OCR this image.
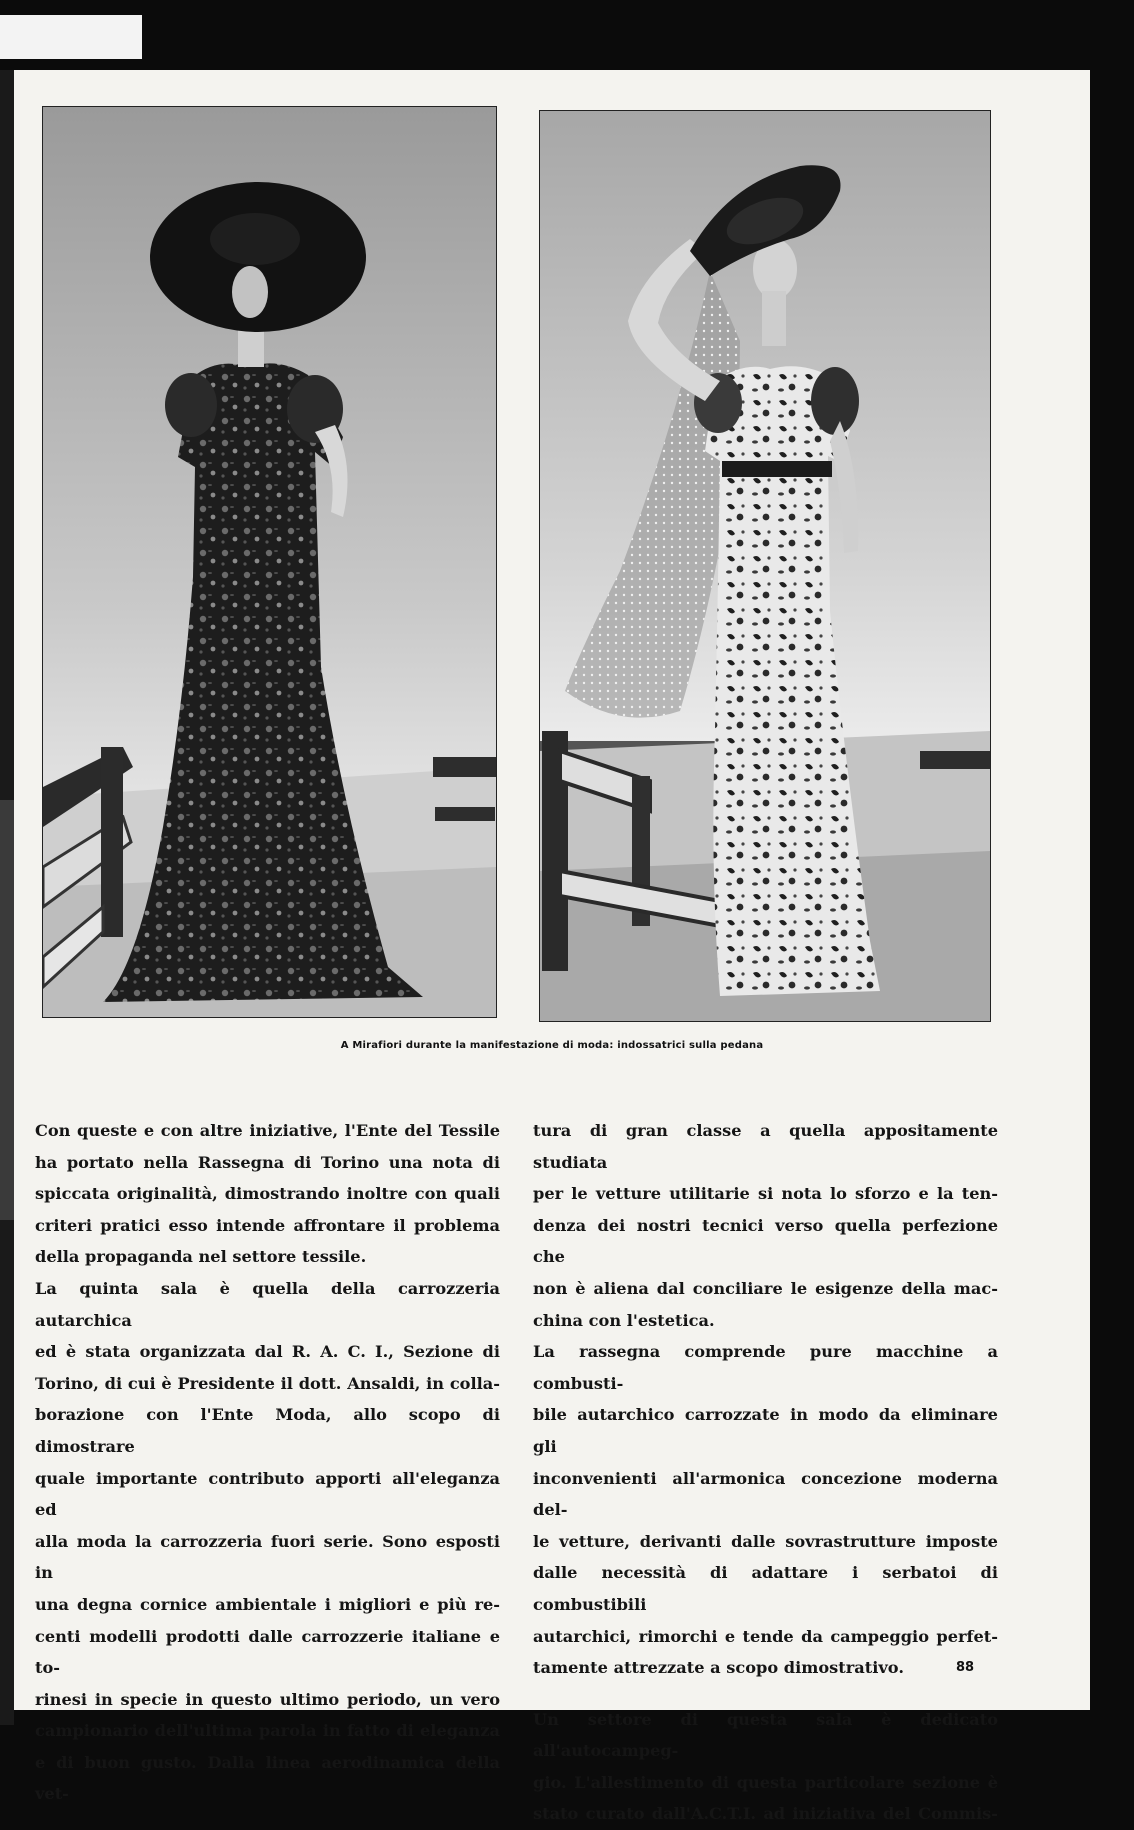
A Mirafiori durante la manifestazione di moda: indossatrici sulla pedana

Con queste e con altre iniziative, l'Ente del Tessile

ha portato nella Rassegna di Torino una nota di

spiccata originalità, dimostrando inoltre con quali

criteri pratici esso intende affrontare il problema

della propaganda nel settore tessile.

La quinta sala è quella della carrozzeria autarchica

ed è stata organizzata dal R. A. C. I., Sezione di

Torino, di cui è Presidente il dott. Ansaldi, in colla-

borazione con l'Ente Moda, allo scopo di dimostrare

quale importante contributo apporti all'eleganza ed

alla moda la carrozzeria fuori serie. Sono esposti in

una degna cornice ambientale i migliori e più re-

centi modelli prodotti dalle carrozzerie italiane e to-

rinesi in specie in questo ultimo periodo, un vero

campionario dell'ultima parola in fatto di eleganza

e di buon gusto. Dalla linea aerodinamica della vet-

tura di gran classe a quella appositamente studiata

per le vetture utilitarie si nota lo sforzo e la ten-

denza dei nostri tecnici verso quella perfezione che

non è aliena dal conciliare le esigenze della mac-

china con l'estetica.

La rassegna comprende pure macchine a combusti-

bile autarchico carrozzate in modo da eliminare gli

inconvenienti all'armonica concezione moderna del-

le vetture, derivanti dalle sovrastrutture imposte

dalle necessità di adattare i serbatoi di combustibili

autarchici, rimorchi e tende da campeggio perfet-

tamente attrezzate a scopo dimostrativo.

Un settore di questa sala è dedicato all'autocampeg-

gio. L'allestimento di questa particolare sezione è

stato curato dall'A.C.T.I. ad iniziativa del Commis-

88
